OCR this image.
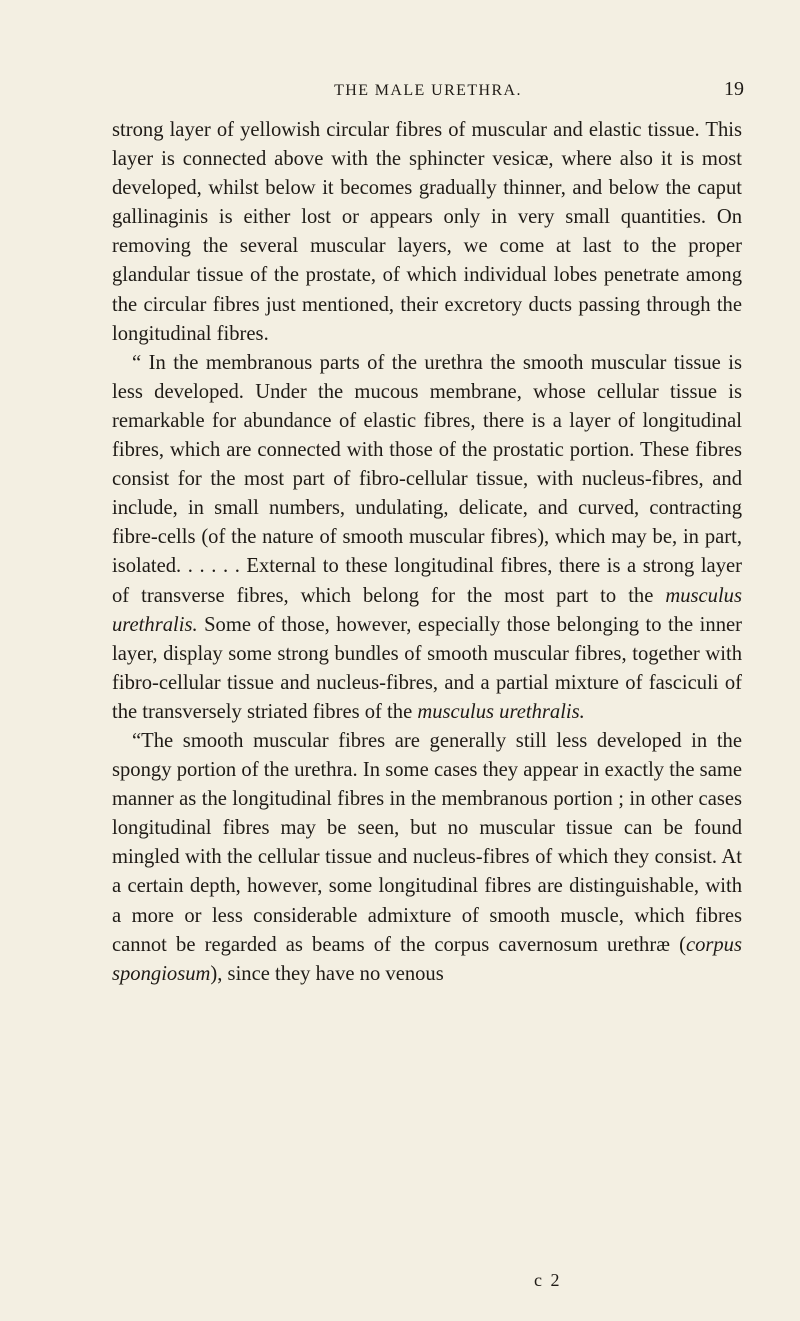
THE MALE URETHRA.	19

strong layer of yellowish circular fibres of muscular and elastic tissue. This layer is connected above with the sphincter vesicæ, where also it is most developed, whilst below it becomes gradually thinner, and below the caput gallinaginis is either lost or appears only in very small quantities. On removing the several muscular layers, we come at last to the proper glandular tissue of the prostate, of which individual lobes penetrate among the circular fibres just mentioned, their excretory ducts passing through the longitudinal fibres.

“ In the membranous parts of the urethra the smooth muscular tissue is less developed. Under the mucous membrane, whose cellular tissue is remarkable for abundance of elastic fibres, there is a layer of longitudinal fibres, which are connected with those of the prostatic portion. These fibres consist for the most part of fibro-cellular tissue, with nucleus-fibres, and include, in small numbers, undulating, delicate, and curved, contracting fibre-cells (of the nature of smooth muscular fibres), which may be, in part, isolated. . . . . . External to these longitudinal fibres, there is a strong layer of transverse fibres, which belong for the most part to the musculus urethralis. Some of those, however, especially those belonging to the inner layer, display some strong bundles of smooth muscular fibres, together with fibro-cellular tissue and nucleus-fibres, and a partial mixture of fasciculi of the transversely striated fibres of the musculus urethralis.

“The smooth muscular fibres are generally still less developed in the spongy portion of the urethra. In some cases they appear in exactly the same manner as the longitudinal fibres in the membranous portion ; in other cases longitudinal fibres may be seen, but no muscular tissue can be found mingled with the cellular tissue and nucleus-fibres of which they consist. At a certain depth, however, some longitudinal fibres are distinguishable, with a more or less considerable admixture of smooth muscle, which fibres cannot be regarded as beams of the corpus cavernosum urethræ (corpus spongiosum), since they have no venous

c 2
